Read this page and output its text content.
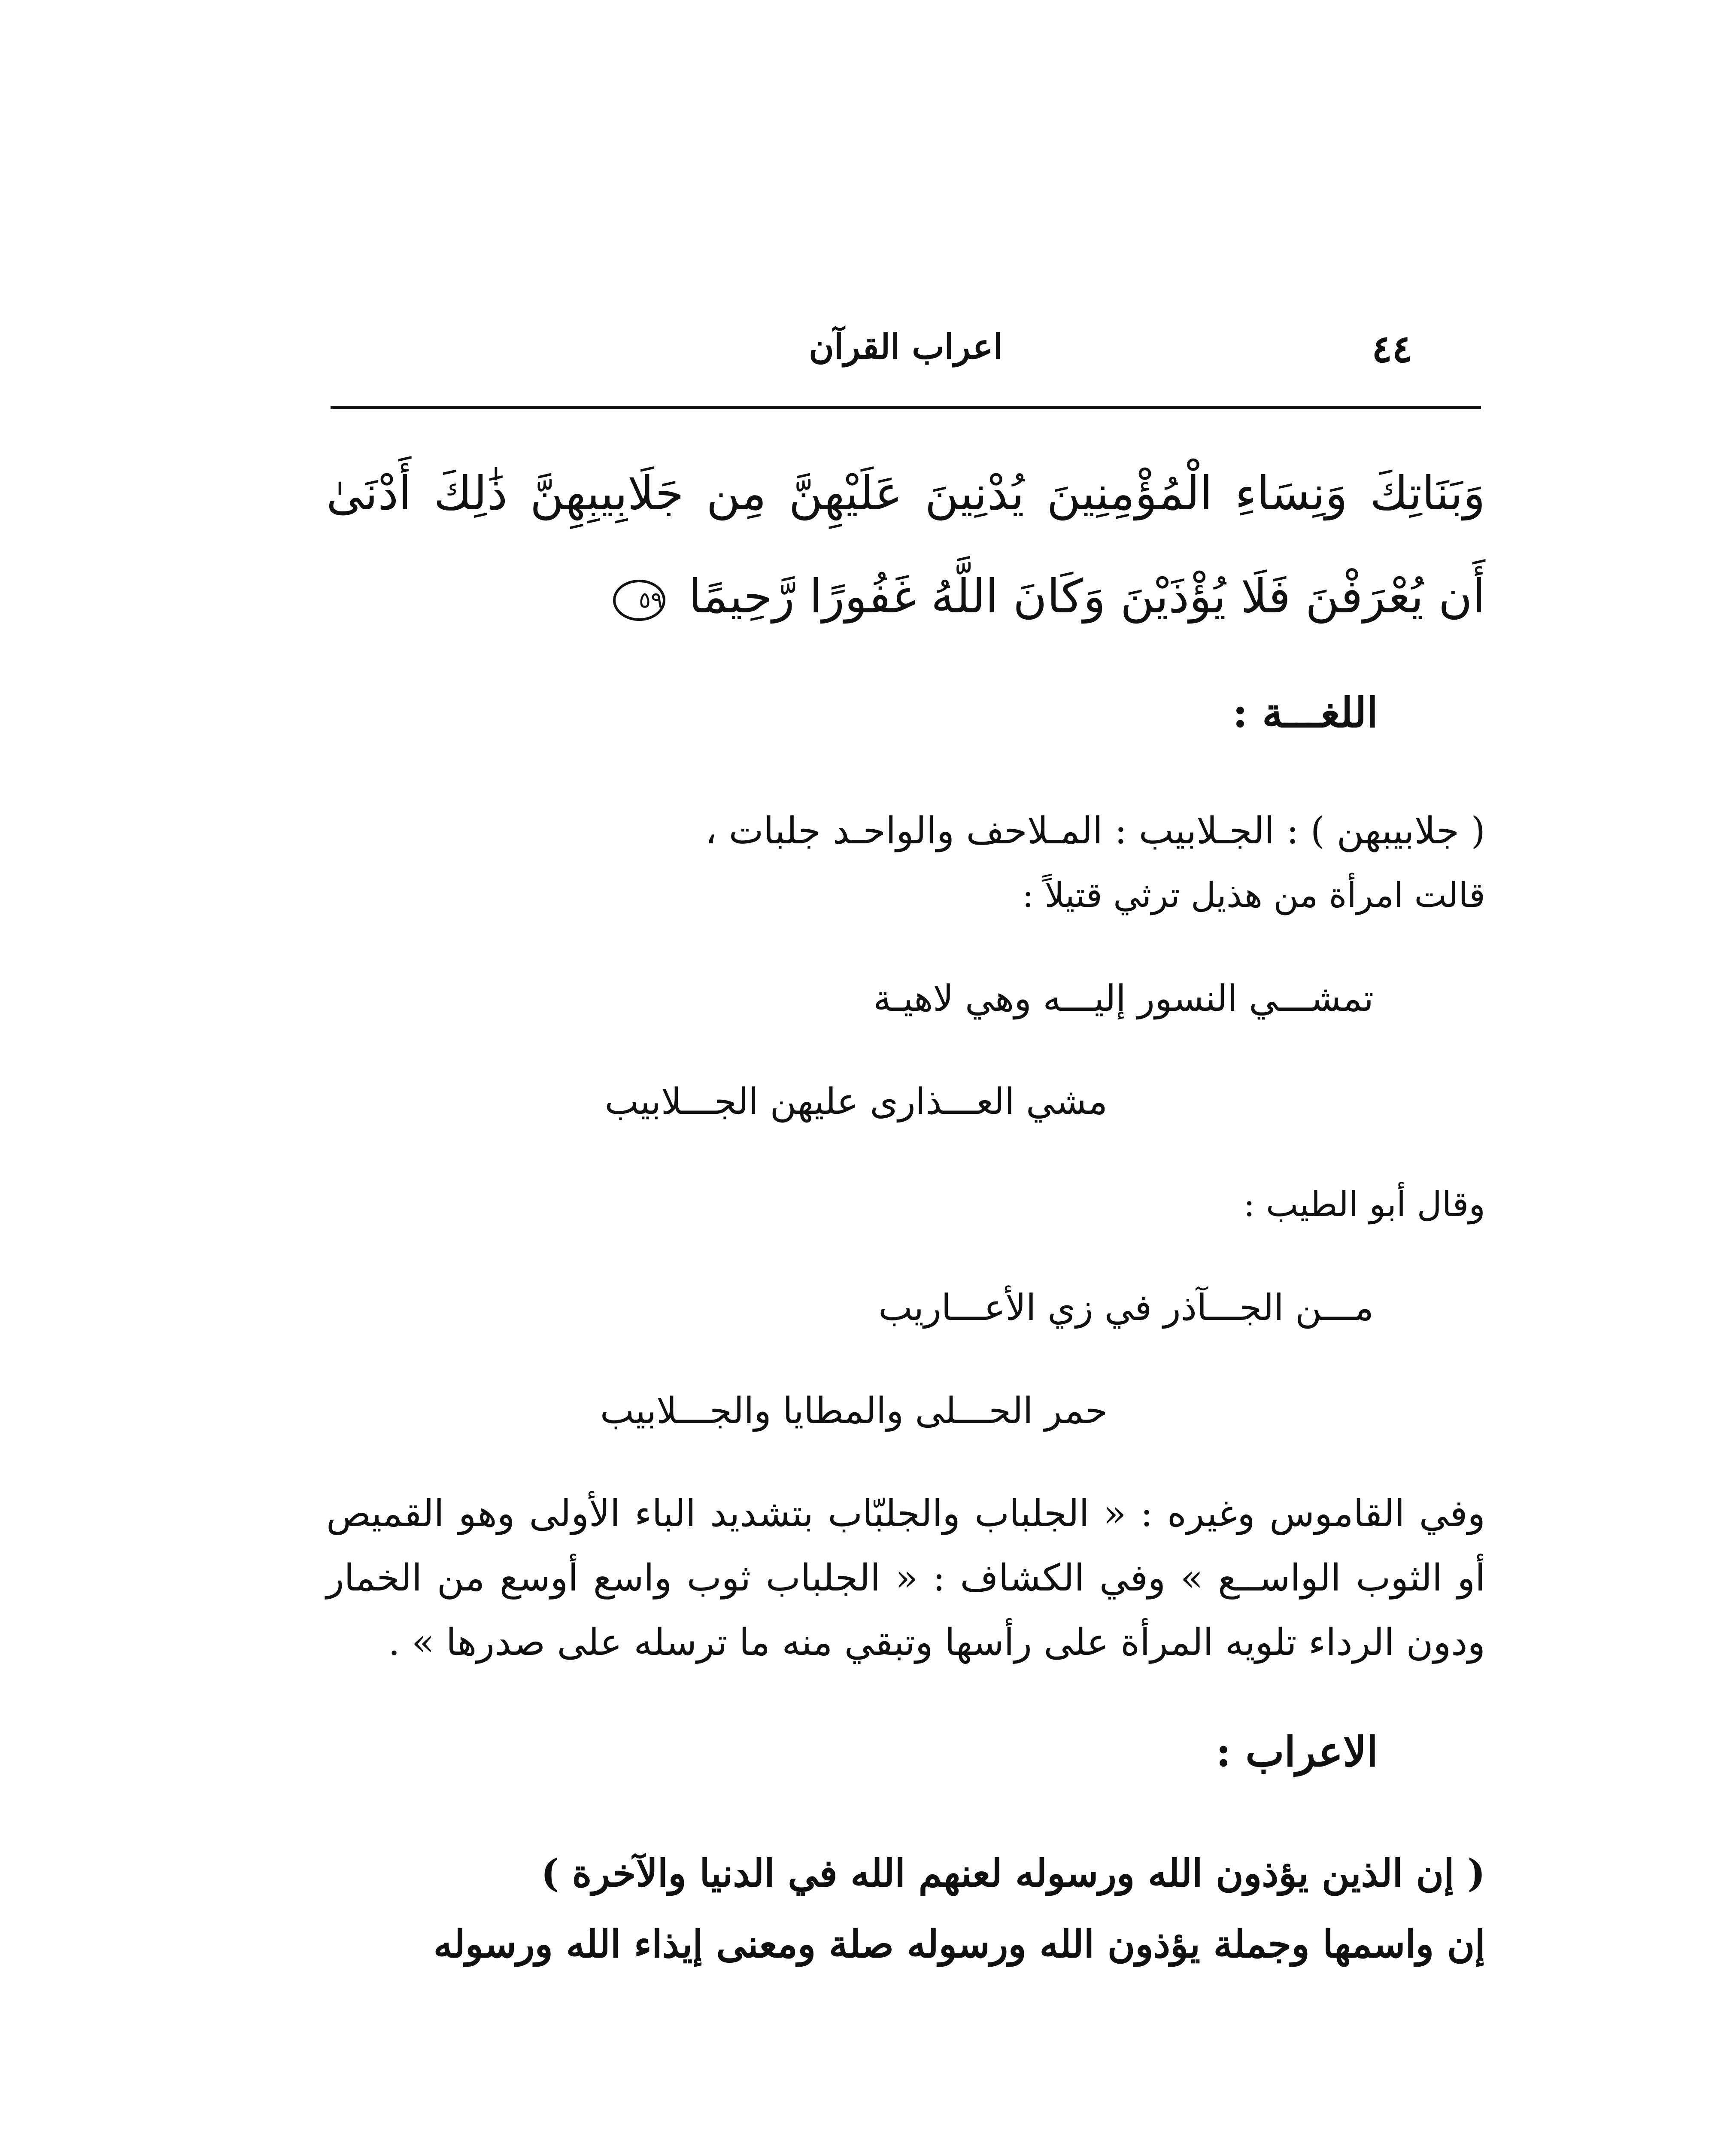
٤٤
اعراب القرآن

وَبَنَاتِكَ وَنِسَاءِ الْمُؤْمِنِينَ يُدْنِينَ عَلَيْهِنَّ مِن جَلَابِيبِهِنَّ ذَٰلِكَ أَدْنَىٰ أَن يُعْرَفْنَ فَلَا يُؤْذَيْنَ وَكَانَ اللَّهُ غَفُورًا رَّحِيمًا ٥٩

اللغـــة :

( جلابيبهن ) : الجـلابيب : المـلاحف والواحـد جلبات ،

قالت امرأة من هذيل ترثي قتيلاً :

تمشـــي النسور إليـــه وهي لاهيـة

مشي العـــذارى عليهن الجـــلابيب

وقال أبو الطيب :

مـــن الجـــآذر في زي الأعـــاريب

حمر الحـــلى والمطايا والجـــلابيب

وفي القاموس وغيره : « الجلباب والجلبّاب بتشديد الباء الأولى وهو القميص أو الثوب الواســع » وفي الكشاف : « الجلباب ثوب واسع أوسع من الخمار ودون الرداء تلويه المرأة على رأسها وتبقي منه ما ترسله على صدرها » .

الاعراب :

( إن الذين يؤذون الله ورسوله لعنهم الله في الدنيا والآخرة )

إن واسمها وجملة يؤذون الله ورسوله صلة ومعنى إيذاء الله ورسوله
